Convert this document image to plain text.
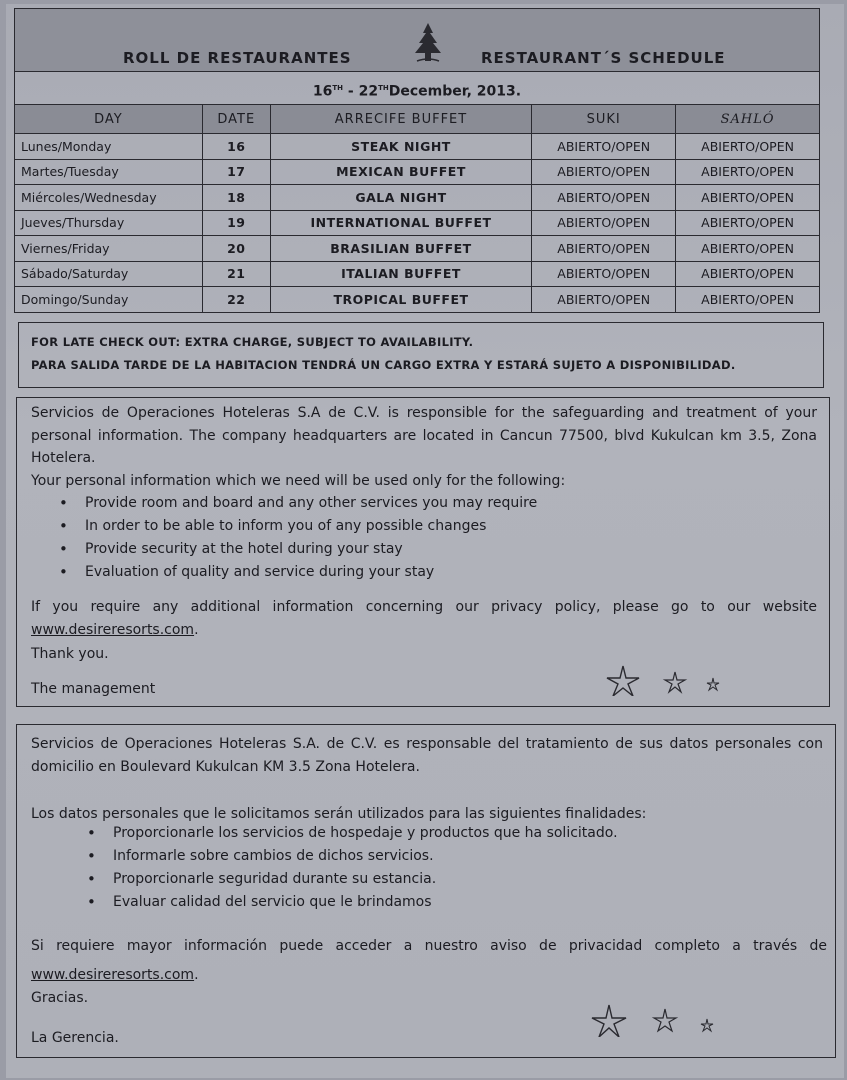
ROLL DE RESTAURANTES	RESTAURANT´S SCHEDULE
16TH - 22THDecember, 2013.
DAY	DATE	ARRECIFE BUFFET	SUKI	SAHLÓ
Lunes/Monday	16	STEAK NIGHT	ABIERTO/OPEN	ABIERTO/OPEN
Martes/Tuesday	17	MEXICAN BUFFET	ABIERTO/OPEN	ABIERTO/OPEN
Miércoles/Wednesday	18	GALA NIGHT	ABIERTO/OPEN	ABIERTO/OPEN
Jueves/Thursday	19	INTERNATIONAL BUFFET	ABIERTO/OPEN	ABIERTO/OPEN
Viernes/Friday	20	BRASILIAN BUFFET	ABIERTO/OPEN	ABIERTO/OPEN
Sábado/Saturday	21	ITALIAN BUFFET	ABIERTO/OPEN	ABIERTO/OPEN
Domingo/Sunday	22	TROPICAL BUFFET	ABIERTO/OPEN	ABIERTO/OPEN

FOR LATE CHECK OUT: EXTRA CHARGE, SUBJECT TO AVAILABILITY.

PARA SALIDA TARDE DE LA HABITACION TENDRÁ UN CARGO EXTRA Y ESTARÁ SUJETO A DISPONIBILIDAD.

Servicios de Operaciones Hoteleras S.A de C.V. is responsible for the safeguarding and treatment of your personal information. The company headquarters are located in Cancun 77500, blvd Kukulcan km 3.5, Zona Hotelera.
Your personal information which we need will be used only for the following:
• Provide room and board and any other services you may require
• In order to be able to inform you of any possible changes
• Provide security at the hotel during your stay
• Evaluation of quality and service during your stay
If you require any additional information concerning our privacy policy, please go to our website
www.desireresorts.com.
Thank you.
The management
Servicios de Operaciones Hoteleras S.A. de C.V. es responsable del tratamiento de sus datos personales con domicilio en Boulevard Kukulcan KM 3.5 Zona Hotelera.
Los datos personales que le solicitamos serán utilizados para las siguientes finalidades:
• Proporcionarle los servicios de hospedaje y productos que ha solicitado.
• Informarle sobre cambios de dichos servicios.
• Proporcionarle seguridad durante su estancia.
• Evaluar calidad del servicio que le brindamos
Si requiere mayor información puede acceder a nuestro aviso de privacidad completo a través de
www.desireresorts.com.
Gracias.
La Gerencia.
